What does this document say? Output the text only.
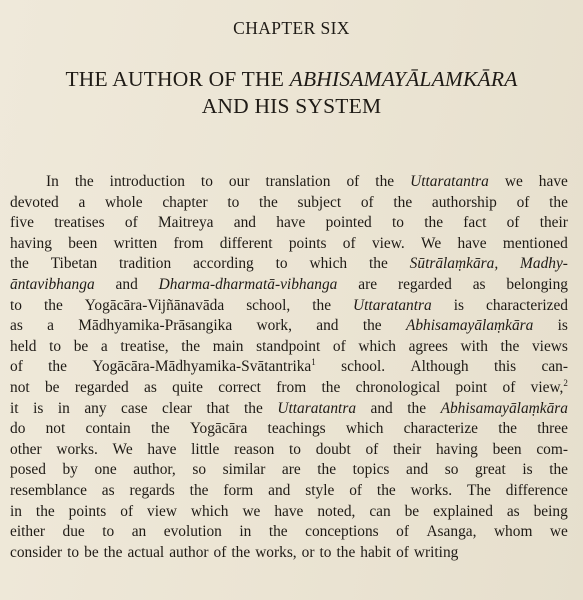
CHAPTER SIX
THE AUTHOR OF THE ABHISAMAYĀLAMKĀRA
AND HIS SYSTEM
In the introduction to our translation of the Uttaratantra we have
devoted a whole chapter to the subject of the authorship of the
five treatises of Maitreya and have pointed to the fact of their
having been written from different points of view. We have mentioned
the Tibetan tradition according to which the Sūtrālaṃkāra, Madhy-
āntavibhanga and Dharma-dharmatā-vibhanga are regarded as belonging
to the Yogācāra-Vijñānavāda school, the Uttaratantra is characterized
as a Mādhyamika-Prāsangika work, and the Abhisamayālaṃkāra is
held to be a treatise, the main standpoint of which agrees with the views
of the Yogācāra-Mādhyamika-Svātantrika$^1$ school. Although this can-
not be regarded as quite correct from the chronological point of view,$^2$
it is in any case clear that the Uttaratantra and the Abhisamayālaṃkāra
do not contain the Yogācāra teachings which characterize the three
other works. We have little reason to doubt of their having been com-
posed by one author, so similar are the topics and so great is the
resemblance as regards the form and style of the works. The difference
in the points of view which we have noted, can be explained as being
either due to an evolution in the conceptions of Asanga, whom we
consider to be the actual author of the works, or to the habit of writing
